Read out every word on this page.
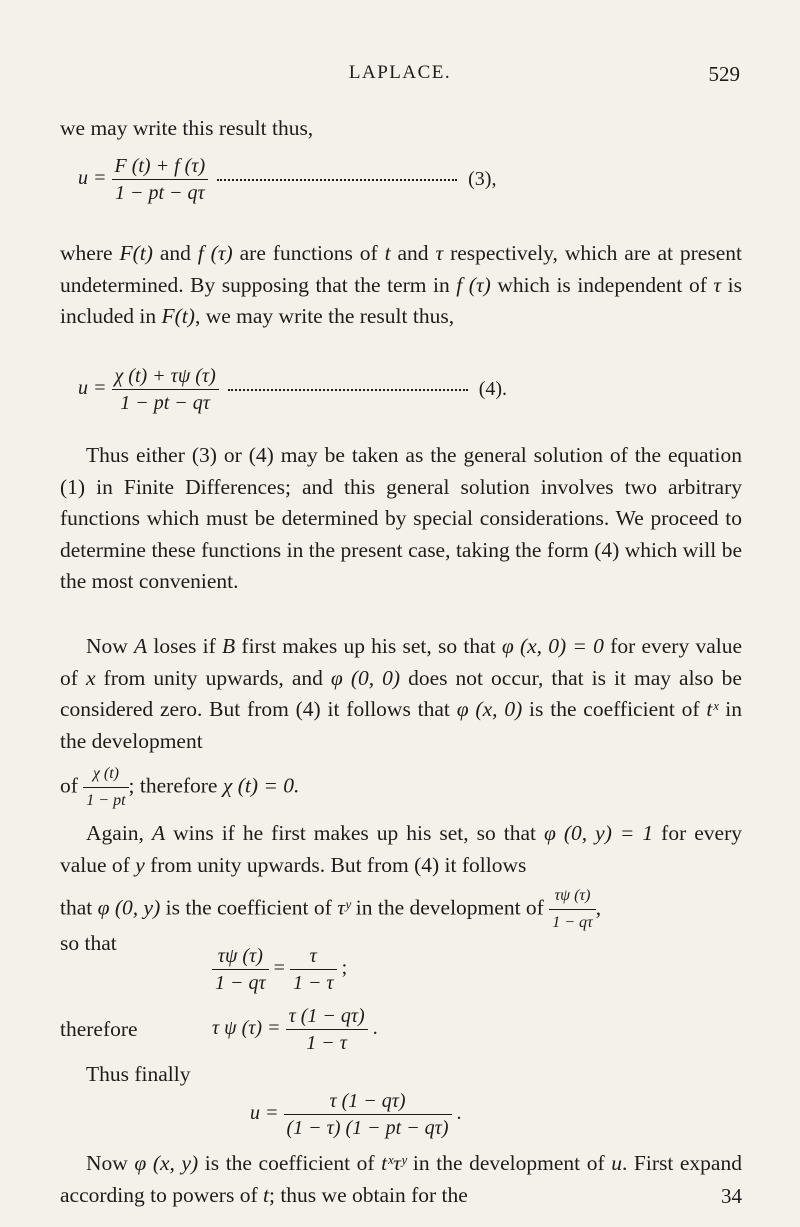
LAPLACE.	529

we may write this result thus,

$u = \frac{F (t) + f (\tau)}{1 - pt - q\tau}$	(3),

where F(t) and f (τ) are functions of t and τ respectively, which are at present undetermined. By supposing that the term in f (τ) which is independent of τ is included in F(t), we may write the result thus,

$u = \frac{\chi (t) + \tau\psi (\tau)}{1 - pt - q\tau}$	(4).

Thus either (3) or (4) may be taken as the general solution of the equation (1) in Finite Differences; and this general solution involves two arbitrary functions which must be determined by special considerations. We proceed to determine these functions in the present case, taking the form (4) which will be the most convenient.

Now A loses if B first makes up his set, so that φ (x, 0) = 0 for every value of x from unity upwards, and φ (0, 0) does not occur, that is it may also be considered zero. But from (4) it follows that φ (x, 0) is the coefficient of tˣ in the development

of $\frac{\chi (t)}{1 - pt}$ ; therefore χ (t) = 0.

Again, A wins if he first makes up his set, so that φ (0, y) = 1 for every value of y from unity upwards. But from (4) it follows

that φ (0, y) is the coefficient of τʸ in the development of $\frac{\tau\psi (\tau)}{1 - q\tau}$ ,

so that

$\frac{\tau\psi (\tau)}{1 - q\tau} = \frac{\tau}{1 - \tau}$ ;
therefore	τ ψ $(\tau) = \frac{\tau (1 - q\tau)}{1 - \tau}$ .
Thus finally
$u = \frac{\tau (1 - q\tau)}{(1 - \tau) (1 - pt - q\tau)}$ .

Now φ (x, y) is the coefficient of tˣτʸ in the development of u. First expand according to powers of t; thus we obtain for the	34
